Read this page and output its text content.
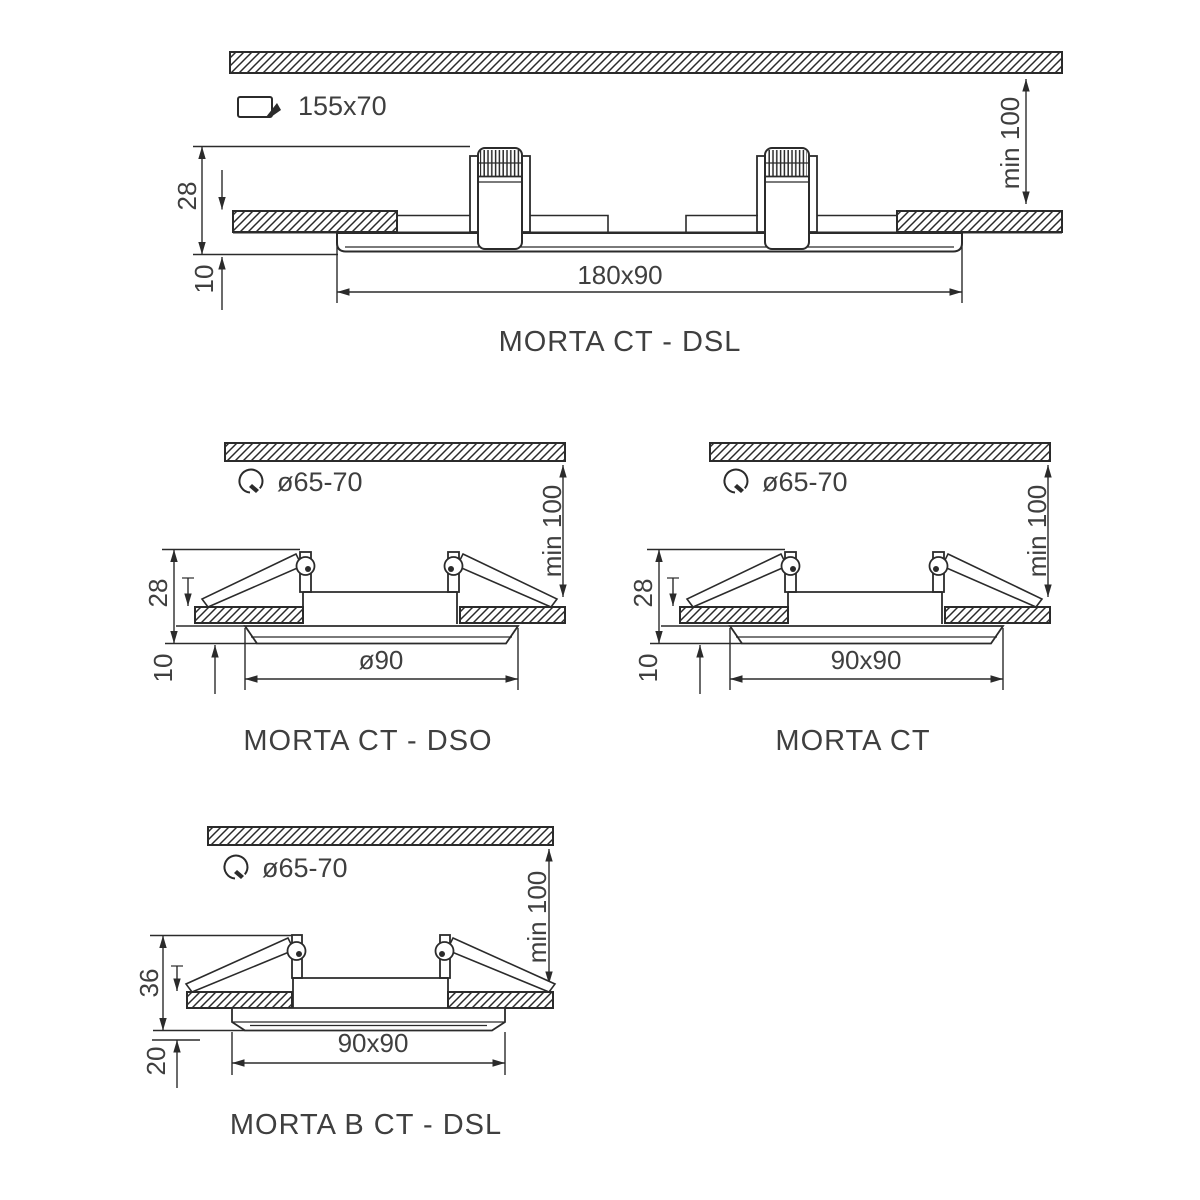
155x70	min 100
28
10	180x90
MORTA CT - DSL
ø65-70
min 100
28
10	ø90
MORTA CT - DSO
ø65-70
min 100
28
10	90x90
MORTA CT
ø65-70
min 100
36
20
90x90
MORTA B CT - DSL
